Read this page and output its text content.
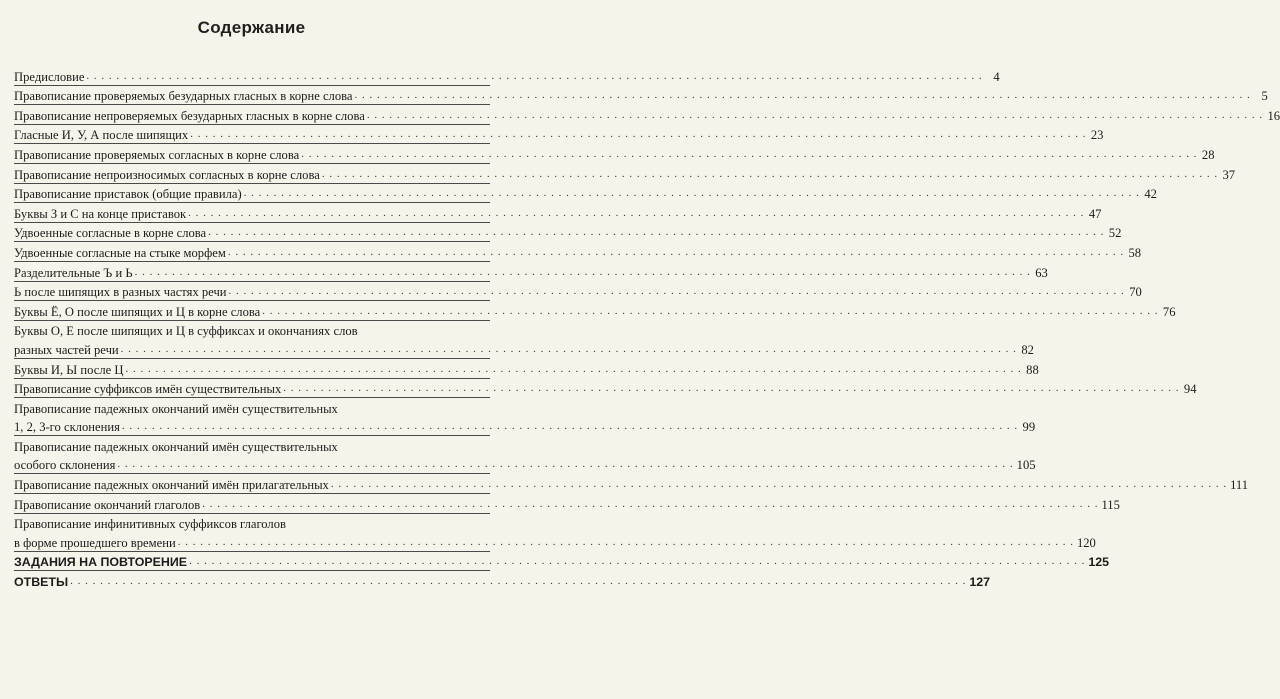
Содержание
Предисловие . . . . . . . . . . . . . . . . . . . . . . . . . . . . . . . . . . . . . . . . . . . . . . . . . . . . . . . . . . . . . . . . . . . . . . . . . . . . . . . . . . . . . . . . . . . . . . . . . . . . . . . . . . . . . . . . . . . . . . . . 4
Правописание проверяемых безударных гласных в корне слова . . . . . . . . . . . . . . . . . . . . . . . . . . . . . . . . . . . . . . . . . . . . . . . . . . . . . . . . . . . . . . . . . . . . . . . . . . . . . . . . . . . . . . . . . . . . . . . . . . . . . . . . . . . . . . . . . . . . . . . . 5
Правописание непроверяемых безударных гласных в корне слова . . . . . . . . . . . . . . . . . . . . . . . . . . . . . . . . . . . . . . . . . . . . . . . . . . . . . . . . . . . . . . . . . . . . . . . . . . . . . . . . . . . . . . . . . . . . . . . . . . . . . . . . . . . . . . . . . . . . . . . . 16
Гласные И, У, А после шипящих . . . . . . . . . . . . . . . . . . . . . . . . . . . . . . . . . . . . . . . . . . . . . . . . . . . . . . . . . . . . . . . . . . . . . . . . . . . . . . . . . . . . . . . . . . . . . . . . . . . . . . . . . . . . . . . . . . . . . . . . 23
Правописание проверяемых согласных в корне слова . . . . . . . . . . . . . . . . . . . . . . . . . . . . . . . . . . . . . . . . . . . . . . . . . . . . . . . . . . . . . . . . . . . . . . . . . . . . . . . . . . . . . . . . . . . . . . . . . . . . . . . . . . . . . . . . . . . . . . . . 28
Правописание непроизносимых согласных в корне слова . . . . . . . . . . . . . . . . . . . . . . . . . . . . . . . . . . . . . . . . . . . . . . . . . . . . . . . . . . . . . . . . . . . . . . . . . . . . . . . . . . . . . . . . . . . . . . . . . . . . . . . . . . . . . . . . . . . . . . . . 37
Правописание приставок (общие правила) . . . . . . . . . . . . . . . . . . . . . . . . . . . . . . . . . . . . . . . . . . . . . . . . . . . . . . . . . . . . . . . . . . . . . . . . . . . . . . . . . . . . . . . . . . . . . . . . . . . . . . . . . . . . . . . . . . . . . . . . 42
Буквы З и С на конце приставок . . . . . . . . . . . . . . . . . . . . . . . . . . . . . . . . . . . . . . . . . . . . . . . . . . . . . . . . . . . . . . . . . . . . . . . . . . . . . . . . . . . . . . . . . . . . . . . . . . . . . . . . . . . . . . . . . . . . . . . . 47
Удвоенные согласные в корне слова . . . . . . . . . . . . . . . . . . . . . . . . . . . . . . . . . . . . . . . . . . . . . . . . . . . . . . . . . . . . . . . . . . . . . . . . . . . . . . . . . . . . . . . . . . . . . . . . . . . . . . . . . . . . . . . . . . . . . . . . 52
Удвоенные согласные на стыке морфем . . . . . . . . . . . . . . . . . . . . . . . . . . . . . . . . . . . . . . . . . . . . . . . . . . . . . . . . . . . . . . . . . . . . . . . . . . . . . . . . . . . . . . . . . . . . . . . . . . . . . . . . . . . . . . . . . . . . . . . . 58
Разделительные Ъ и Ь . . . . . . . . . . . . . . . . . . . . . . . . . . . . . . . . . . . . . . . . . . . . . . . . . . . . . . . . . . . . . . . . . . . . . . . . . . . . . . . . . . . . . . . . . . . . . . . . . . . . . . . . . . . . . . . . . . . . . . . . 63
Ь после шипящих в разных частях речи . . . . . . . . . . . . . . . . . . . . . . . . . . . . . . . . . . . . . . . . . . . . . . . . . . . . . . . . . . . . . . . . . . . . . . . . . . . . . . . . . . . . . . . . . . . . . . . . . . . . . . . . . . . . . . . . . . . . . . . . 70
Буквы Ё, О после шипящих и Ц в корне слова . . . . . . . . . . . . . . . . . . . . . . . . . . . . . . . . . . . . . . . . . . . . . . . . . . . . . . . . . . . . . . . . . . . . . . . . . . . . . . . . . . . . . . . . . . . . . . . . . . . . . . . . . . . . . . . . . . . . . . . . 76
Буквы О, Е после шипящих и Ц в суффиксах и окончаниях слов
разных частей речи . . . . . . . . . . . . . . . . . . . . . . . . . . . . . . . . . . . . . . . . . . . . . . . . . . . . . . . . . . . . . . . . . . . . . . . . . . . . . . . . . . . . . . . . . . . . . . . . . . . . . . . . . . . . . . . . . . . . . . . . 82
Буквы И, Ы после Ц . . . . . . . . . . . . . . . . . . . . . . . . . . . . . . . . . . . . . . . . . . . . . . . . . . . . . . . . . . . . . . . . . . . . . . . . . . . . . . . . . . . . . . . . . . . . . . . . . . . . . . . . . . . . . . . . . . . . . . . . 88
Правописание суффиксов имён существительных . . . . . . . . . . . . . . . . . . . . . . . . . . . . . . . . . . . . . . . . . . . . . . . . . . . . . . . . . . . . . . . . . . . . . . . . . . . . . . . . . . . . . . . . . . . . . . . . . . . . . . . . . . . . . . . . . . . . . . . . 94
Правописание падежных окончаний имён существительных
1, 2, 3-го склонения . . . . . . . . . . . . . . . . . . . . . . . . . . . . . . . . . . . . . . . . . . . . . . . . . . . . . . . . . . . . . . . . . . . . . . . . . . . . . . . . . . . . . . . . . . . . . . . . . . . . . . . . . . . . . . . . . . . . . . . . 99
Правописание падежных окончаний имён существительных
особого склонения . . . . . . . . . . . . . . . . . . . . . . . . . . . . . . . . . . . . . . . . . . . . . . . . . . . . . . . . . . . . . . . . . . . . . . . . . . . . . . . . . . . . . . . . . . . . . . . . . . . . . . . . . . . . . . . . . . . . . . . . 105
Правописание падежных окончаний имён прилагательных . . . . . . . . . . . . . . . . . . . . . . . . . . . . . . . . . . . . . . . . . . . . . . . . . . . . . . . . . . . . . . . . . . . . . . . . . . . . . . . . . . . . . . . . . . . . . . . . . . . . . . . . . . . . . . . . . . . . . . . . 111
Правописание окончаний глаголов . . . . . . . . . . . . . . . . . . . . . . . . . . . . . . . . . . . . . . . . . . . . . . . . . . . . . . . . . . . . . . . . . . . . . . . . . . . . . . . . . . . . . . . . . . . . . . . . . . . . . . . . . . . . . . . . . . . . . . . . 115
Правописание инфинитивных суффиксов глаголов
в форме прошедшего времени . . . . . . . . . . . . . . . . . . . . . . . . . . . . . . . . . . . . . . . . . . . . . . . . . . . . . . . . . . . . . . . . . . . . . . . . . . . . . . . . . . . . . . . . . . . . . . . . . . . . . . . . . . . . . . . . . . . . . . . . 120
ЗАДАНИЯ НА ПОВТОРЕНИЕ . . . . . . . . . . . . . . . . . . . . . . . . . . . . . . . . . . . . . . . . . . . . . . . . . . . . . . . . . . . . . . . . . . . . . . . . . . . . . . . . . . . . . . . . . . . . . . . . . . . . . . . . . . . . . . . . . . . . . . . . 125
ОТВЕТЫ . . . . . . . . . . . . . . . . . . . . . . . . . . . . . . . . . . . . . . . . . . . . . . . . . . . . . . . . . . . . . . . . . . . . . . . . . . . . . . . . . . . . . . . . . . . . . . . . . . . . . . . . . . . . . . . . . . . . . . . . 127
